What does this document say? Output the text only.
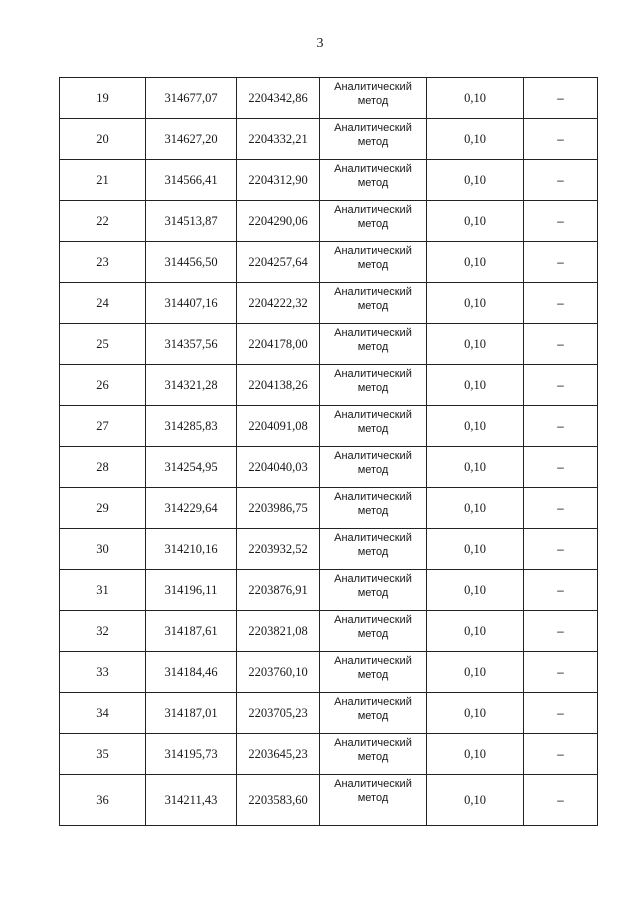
3
19	314677,07	2204342,86	Аналитический
метод	0,10	–
20	314627,20	2204332,21	Аналитический
метод	0,10	–
21	314566,41	2204312,90	Аналитический
метод	0,10	–
22	314513,87	2204290,06	Аналитический
метод	0,10	–
23	314456,50	2204257,64	Аналитический
метод	0,10	–
24	314407,16	2204222,32	Аналитический
метод	0,10	–
25	314357,56	2204178,00	Аналитический
метод	0,10	–
26	314321,28	2204138,26	Аналитический
метод	0,10	–
27	314285,83	2204091,08	Аналитический
метод	0,10	–
28	314254,95	2204040,03	Аналитический
метод	0,10	–
29	314229,64	2203986,75	Аналитический
метод	0,10	–
30	314210,16	2203932,52	Аналитический
метод	0,10	–
31	314196,11	2203876,91	Аналитический
метод	0,10	–
32	314187,61	2203821,08	Аналитический
метод	0,10	–
33	314184,46	2203760,10	Аналитический
метод	0,10	–
34	314187,01	2203705,23	Аналитический
метод	0,10	–
35	314195,73	2203645,23	Аналитический
метод	0,10	–
36	314211,43	2203583,60	Аналитический
метод	0,10	–
